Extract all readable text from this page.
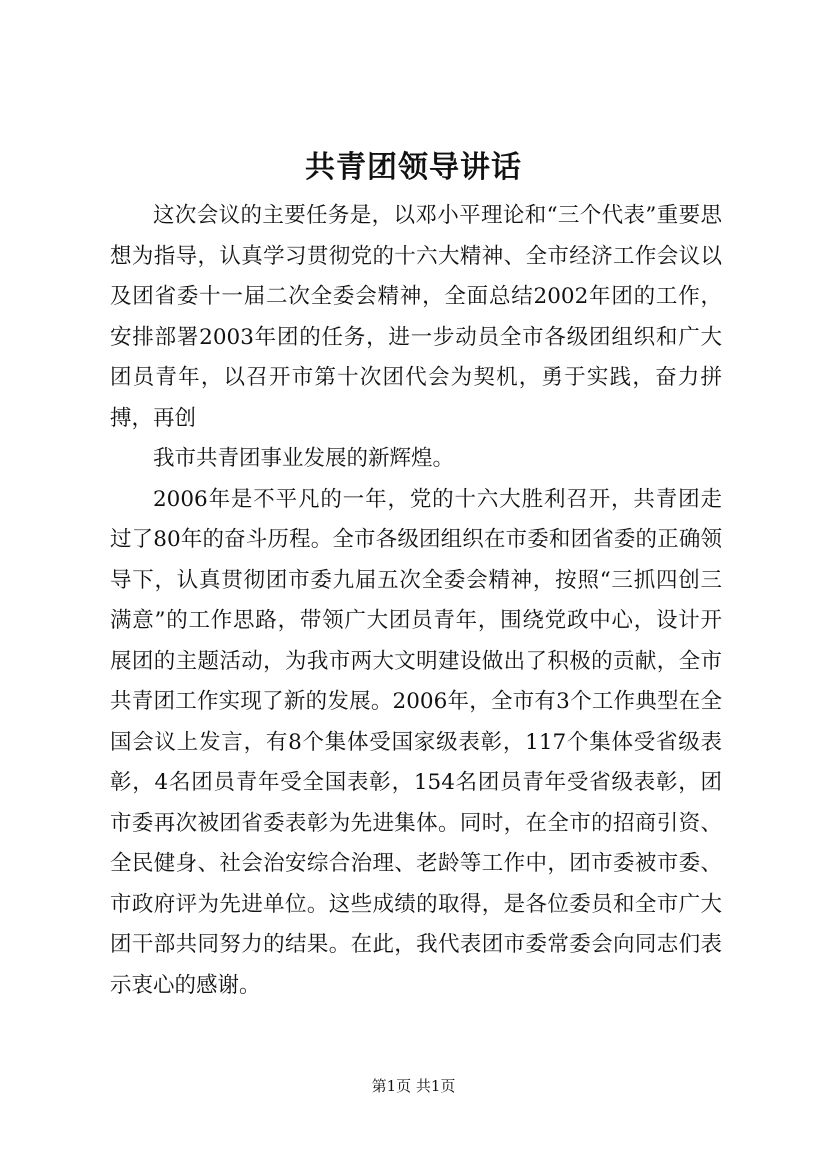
共青团领导讲话

这次会议的主要任务是，以邓小平理论和“三个代表”重要思想为指导，认真学习贯彻党的十六大精神、全市经济工作会议以及团省委十一届二次全委会精神，全面总结2002年团的工作，安排部署2003年团的任务，进一步动员全市各级团组织和广大团员青年，以召开市第十次团代会为契机，勇于实践，奋力拼搏，再创

我市共青团事业发展的新辉煌。

2006年是不平凡的一年，党的十六大胜利召开，共青团走过了80年的奋斗历程。全市各级团组织在市委和团省委的正确领导下，认真贯彻团市委九届五次全委会精神，按照“三抓四创三满意”的工作思路，带领广大团员青年，围绕党政中心，设计开展团的主题活动，为我市两大文明建设做出了积极的贡献，全市共青团工作实现了新的发展。2006年，全市有3个工作典型在全国会议上发言，有8个集体受国家级表彰，117个集体受省级表彰，4名团员青年受全国表彰，154名团员青年受省级表彰，团市委再次被团省委表彰为先进集体。同时，在全市的招商引资、全民健身、社会治安综合治理、老龄等工作中，团市委被市委、市政府评为先进单位。这些成绩的取得，是各位委员和全市广大团干部共同努力的结果。在此，我代表团市委常委会向同志们表示衷心的感谢。

第1页 共1页
